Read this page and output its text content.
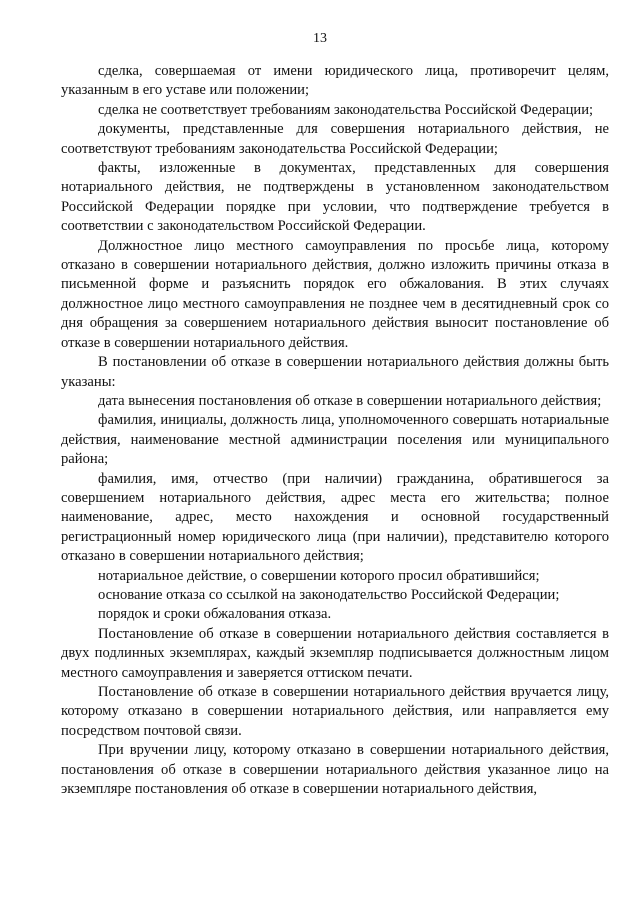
13

сделка, совершаемая от имени юридического лица, противоречит целям, указанным в его уставе или положении;

сделка не соответствует требованиям законодательства Российской Федерации;

документы, представленные для совершения нотариального действия, не соответствуют требованиям законодательства Российской Федерации;

факты, изложенные в документах, представленных для совершения нотариального действия, не подтверждены в установленном законодательством Российской Федерации порядке при условии, что подтверждение требуется в соответствии с законодательством Российской Федерации.

Должностное лицо местного самоуправления по просьбе лица, которому отказано в совершении нотариального действия, должно изложить причины отказа в письменной форме и разъяснить порядок его обжалования. В этих случаях должностное лицо местного самоуправления не позднее чем в десятидневный срок со дня обращения за совершением нотариального действия выносит постановление об отказе в совершении нотариального действия.

В постановлении об отказе в совершении нотариального действия должны быть указаны:

дата вынесения постановления об отказе в совершении нотариального действия;

фамилия, инициалы, должность лица, уполномоченного совершать нотариальные действия, наименование местной администрации поселения или муниципального района;

фамилия, имя, отчество (при наличии) гражданина, обратившегося за совершением нотариального действия, адрес места его жительства; полное наименование, адрес, место нахождения и основной государственный регистрационный номер юридического лица (при наличии), представителю которого отказано в совершении нотариального действия;

нотариальное действие, о совершении которого просил обратившийся;

основание отказа со ссылкой на законодательство Российской Федерации;

порядок и сроки обжалования отказа.

Постановление об отказе в совершении нотариального действия составляется в двух подлинных экземплярах, каждый экземпляр подписывается должностным лицом местного самоуправления и заверяется оттиском печати.

Постановление об отказе в совершении нотариального действия вручается лицу, которому отказано в совершении нотариального действия, или направляется ему посредством почтовой связи.

При вручении лицу, которому отказано в совершении нотариального действия, постановления об отказе в совершении нотариального действия указанное лицо на экземпляре постановления об отказе в совершении нотариального действия,
